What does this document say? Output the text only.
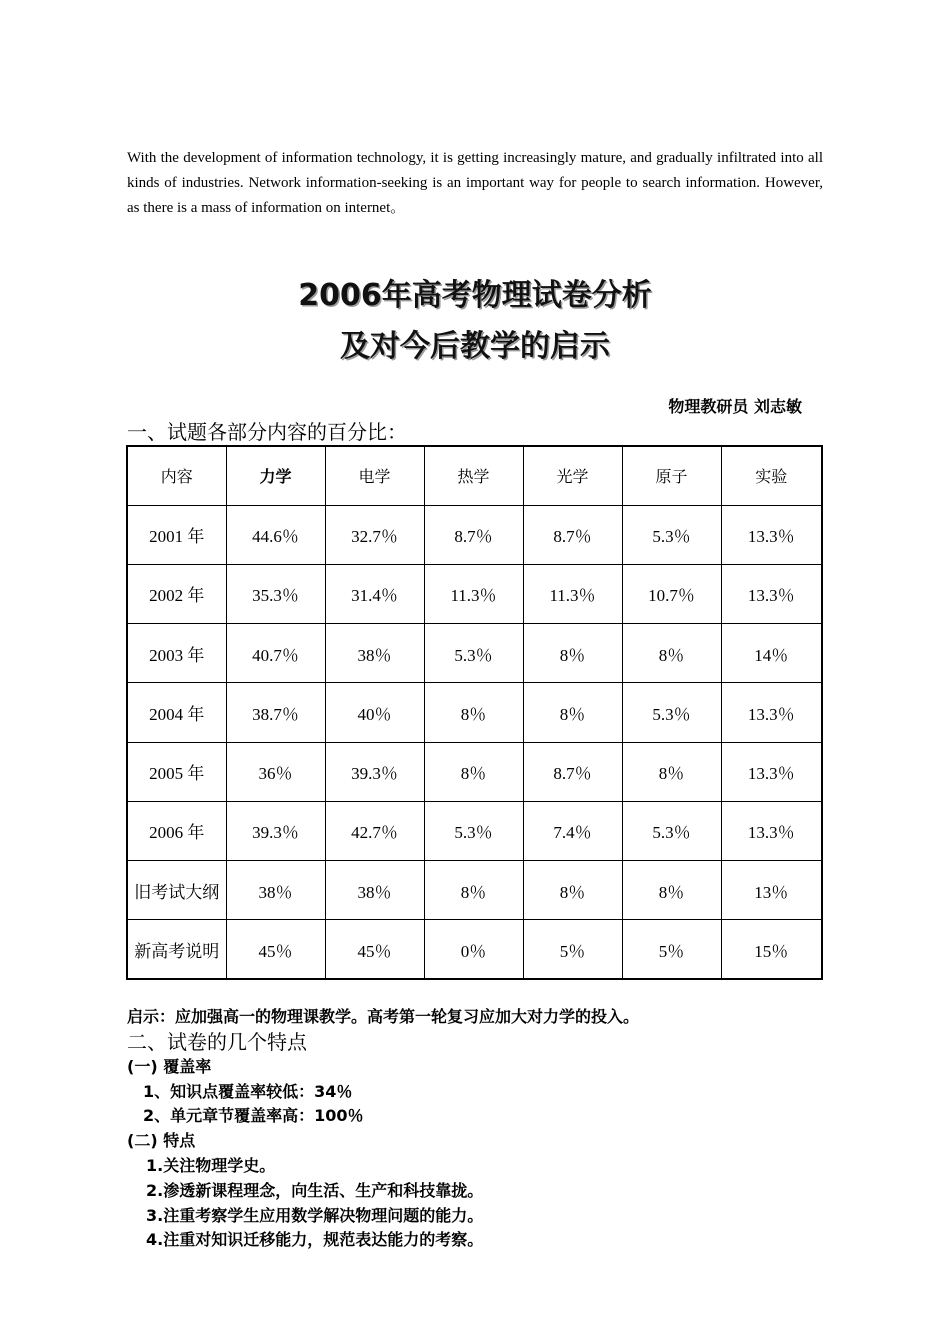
With the development of information technology, it is getting increasingly mature, and gradually infiltrated into all kinds of industries. Network information-seeking is an important way for people to search information. However, as there is a mass of information on internet。

2006年高考物理试卷分析
及对今后教学的启示
物理教研员 刘志敏
一、试题各部分内容的百分比：
内容	力学	电学	热学	光学	原子	实验
2001 年	44.6％	32.7％	8.7％	8.7％	5.3％	13.3％
2002 年	35.3％	31.4％	11.3％	11.3％	10.7％	13.3％
2003 年	40.7％	38％	5.3％	8％	8％	14％
2004 年	38.7％	40％	8％	8％	5.3％	13.3％
2005 年	36％	39.3％	8％	8.7％	8％	13.3％
2006 年	39.3％	42.7％	5.3％	7.4％	5.3％	13.3％
旧考试大纲	38％	38％	8％	8％	8％	13％
新高考说明	45％	45％	0％	5％	5％	15％
启示：应加强高一的物理课教学。高考第一轮复习应加大对力学的投入。
二、试卷的几个特点
(一) 覆盖率
1、知识点覆盖率较低：34％
2、单元章节覆盖率高：100％
(二) 特点
1.关注物理学史。
2.渗透新课程理念，向生活、生产和科技靠拢。
3.注重考察学生应用数学解决物理问题的能力。
4.注重对知识迁移能力，规范表达能力的考察。
